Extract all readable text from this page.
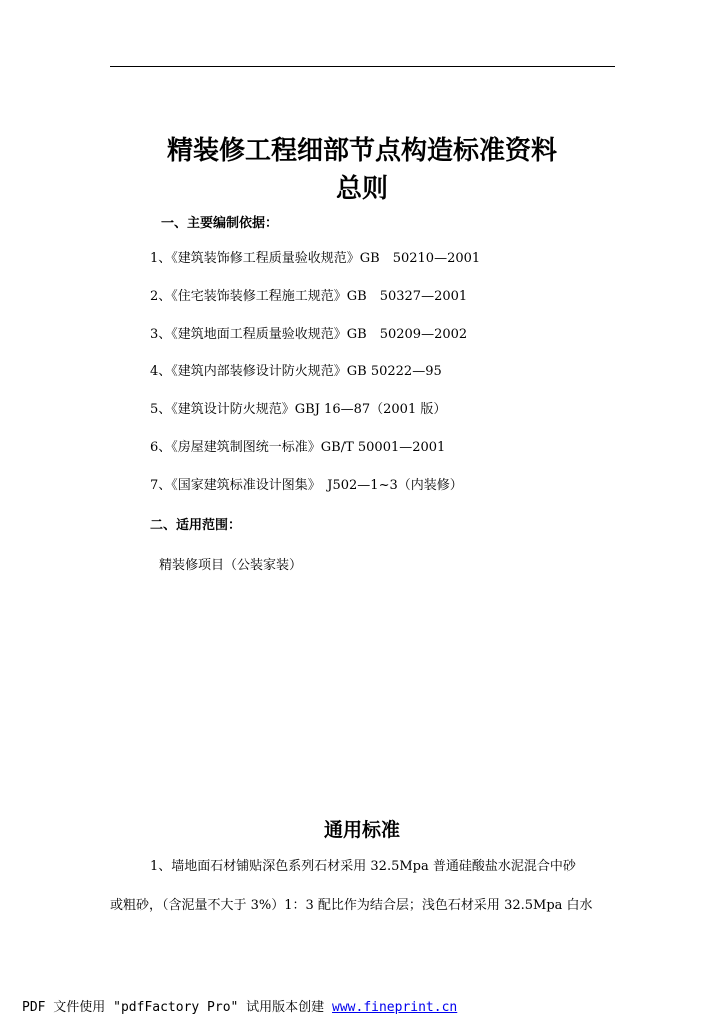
精装修工程细部节点构造标准资料
总则
一、主要编制依据：
1、《建筑装饰修工程质量验收规范》GB　50210—2001
2、《住宅装饰装修工程施工规范》GB　50327—2001
3、《建筑地面工程质量验收规范》GB　50209—2002
4、《建筑内部装修设计防火规范》GB 50222—95
5、《建筑设计防火规范》GBJ 16—87（2001 版）
6、《房屋建筑制图统一标准》GB/T 50001—2001
7、《国家建筑标准设计图集》　J502—1~3（内装修）
二、适用范围：
精装修项目（公装家装）
通用标准
1、墙地面石材铺贴深色系列石材采用 32.5Mpa 普通硅酸盐水泥混合中砂
或粗砂，（含泥量不大于 3%）1：3 配比作为结合层；浅色石材采用 32.5Mpa 白水
PDF 文件使用 "pdfFactory Pro" 试用版本创建 www.fineprint.cn
